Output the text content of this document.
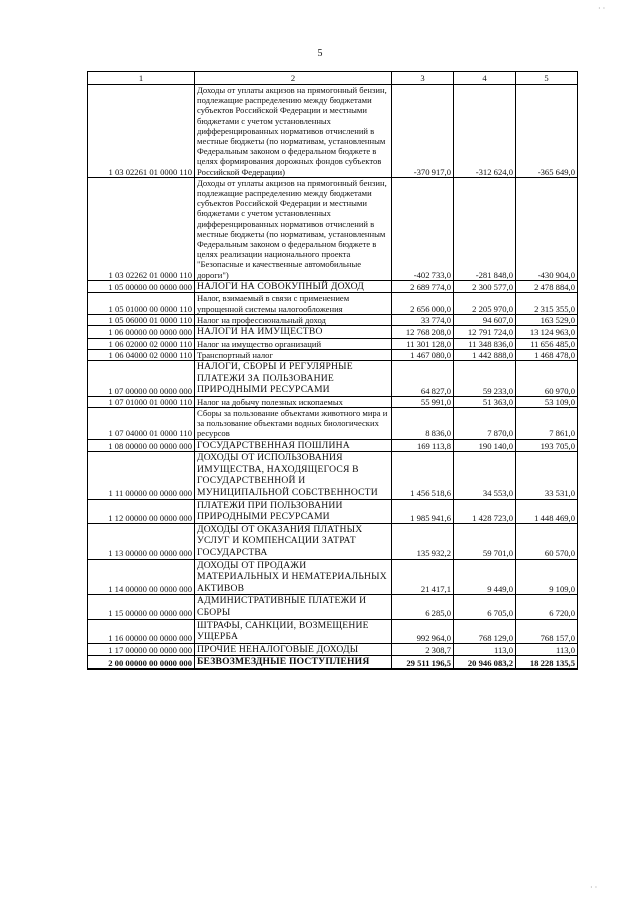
5
1	2	3	4	5
1 03 02261 01 0000 110	Доходы от уплаты акцизов на прямогонный бензин, подлежащие распределению между бюджетами субъектов Российской Федерации и местными бюджетами с учетом установленных дифференцированных нормативов отчислений в местные бюджеты (по нормативам, установленным Федеральным законом о федеральном бюджете в целях формирования дорожных фондов субъектов Российской Федерации)	-370 917,0	-312 624,0	-365 649,0
1 03 02262 01 0000 110	Доходы от уплаты акцизов на прямогонный бензин, подлежащие распределению между бюджетами субъектов Российской Федерации и местными бюджетами с учетом установленных дифференцированных нормативов отчислений в местные бюджеты (по нормативам, установленным Федеральным законом о федеральном бюджете в целях реализации национального проекта "Безопасные и качественные автомобильные дороги")	-402 733,0	-281 848,0	-430 904,0
1 05 00000 00 0000 000	НАЛОГИ НА СОВОКУПНЫЙ ДОХОД	2 689 774,0	2 300 577,0	2 478 884,0
1 05 01000 00 0000 110	Налог, взимаемый в связи с применением упрощенной системы налогообложения	2 656 000,0	2 205 970,0	2 315 355,0
1 05 06000 01 0000 110	Налог на профессиональный доход	33 774,0	94 607,0	163 529,0
1 06 00000 00 0000 000	НАЛОГИ НА ИМУЩЕСТВО	12 768 208,0	12 791 724,0	13 124 963,0
1 06 02000 02 0000 110	Налог на имущество организаций	11 301 128,0	11 348 836,0	11 656 485,0
1 06 04000 02 0000 110	Транспортный налог	1 467 080,0	1 442 888,0	1 468 478,0
1 07 00000 00 0000 000	НАЛОГИ, СБОРЫ И РЕГУЛЯРНЫЕ ПЛАТЕЖИ ЗА ПОЛЬЗОВАНИЕ ПРИРОДНЫМИ РЕСУРСАМИ	64 827,0	59 233,0	60 970,0
1 07 01000 01 0000 110	Налог на добычу полезных ископаемых	55 991,0	51 363,0	53 109,0
1 07 04000 01 0000 110	Сборы за пользование объектами животного мира и за пользование объектами водных биологических ресурсов	8 836,0	7 870,0	7 861,0
1 08 00000 00 0000 000	ГОСУДАРСТВЕННАЯ ПОШЛИНА	169 113,8	190 140,0	193 705,0
1 11 00000 00 0000 000	ДОХОДЫ ОТ ИСПОЛЬЗОВАНИЯ ИМУЩЕСТВА, НАХОДЯЩЕГОСЯ В ГОСУДАРСТВЕННОЙ И МУНИЦИПАЛЬНОЙ СОБСТВЕННОСТИ	1 456 518,6	34 553,0	33 531,0
1 12 00000 00 0000 000	ПЛАТЕЖИ ПРИ ПОЛЬЗОВАНИИ ПРИРОДНЫМИ РЕСУРСАМИ	1 985 941,6	1 428 723,0	1 448 469,0
1 13 00000 00 0000 000	ДОХОДЫ ОТ ОКАЗАНИЯ ПЛАТНЫХ УСЛУГ И КОМПЕНСАЦИИ ЗАТРАТ ГОСУДАРСТВА	135 932,2	59 701,0	60 570,0
1 14 00000 00 0000 000	ДОХОДЫ ОТ ПРОДАЖИ МАТЕРИАЛЬНЫХ И НЕМАТЕРИАЛЬНЫХ АКТИВОВ	21 417,1	9 449,0	9 109,0
1 15 00000 00 0000 000	АДМИНИСТРАТИВНЫЕ ПЛАТЕЖИ И СБОРЫ	6 285,0	6 705,0	6 720,0
1 16 00000 00 0000 000	ШТРАФЫ, САНКЦИИ, ВОЗМЕЩЕНИЕ УЩЕРБА	992 964,0	768 129,0	768 157,0
1 17 00000 00 0000 000	ПРОЧИЕ НЕНАЛОГОВЫЕ ДОХОДЫ	2 308,7	113,0	113,0
2 00 00000 00 0000 000	БЕЗВОЗМЕЗДНЫЕ ПОСТУПЛЕНИЯ	29 511 196,5	20 946 083,2	18 228 135,5
· ·
· ·
